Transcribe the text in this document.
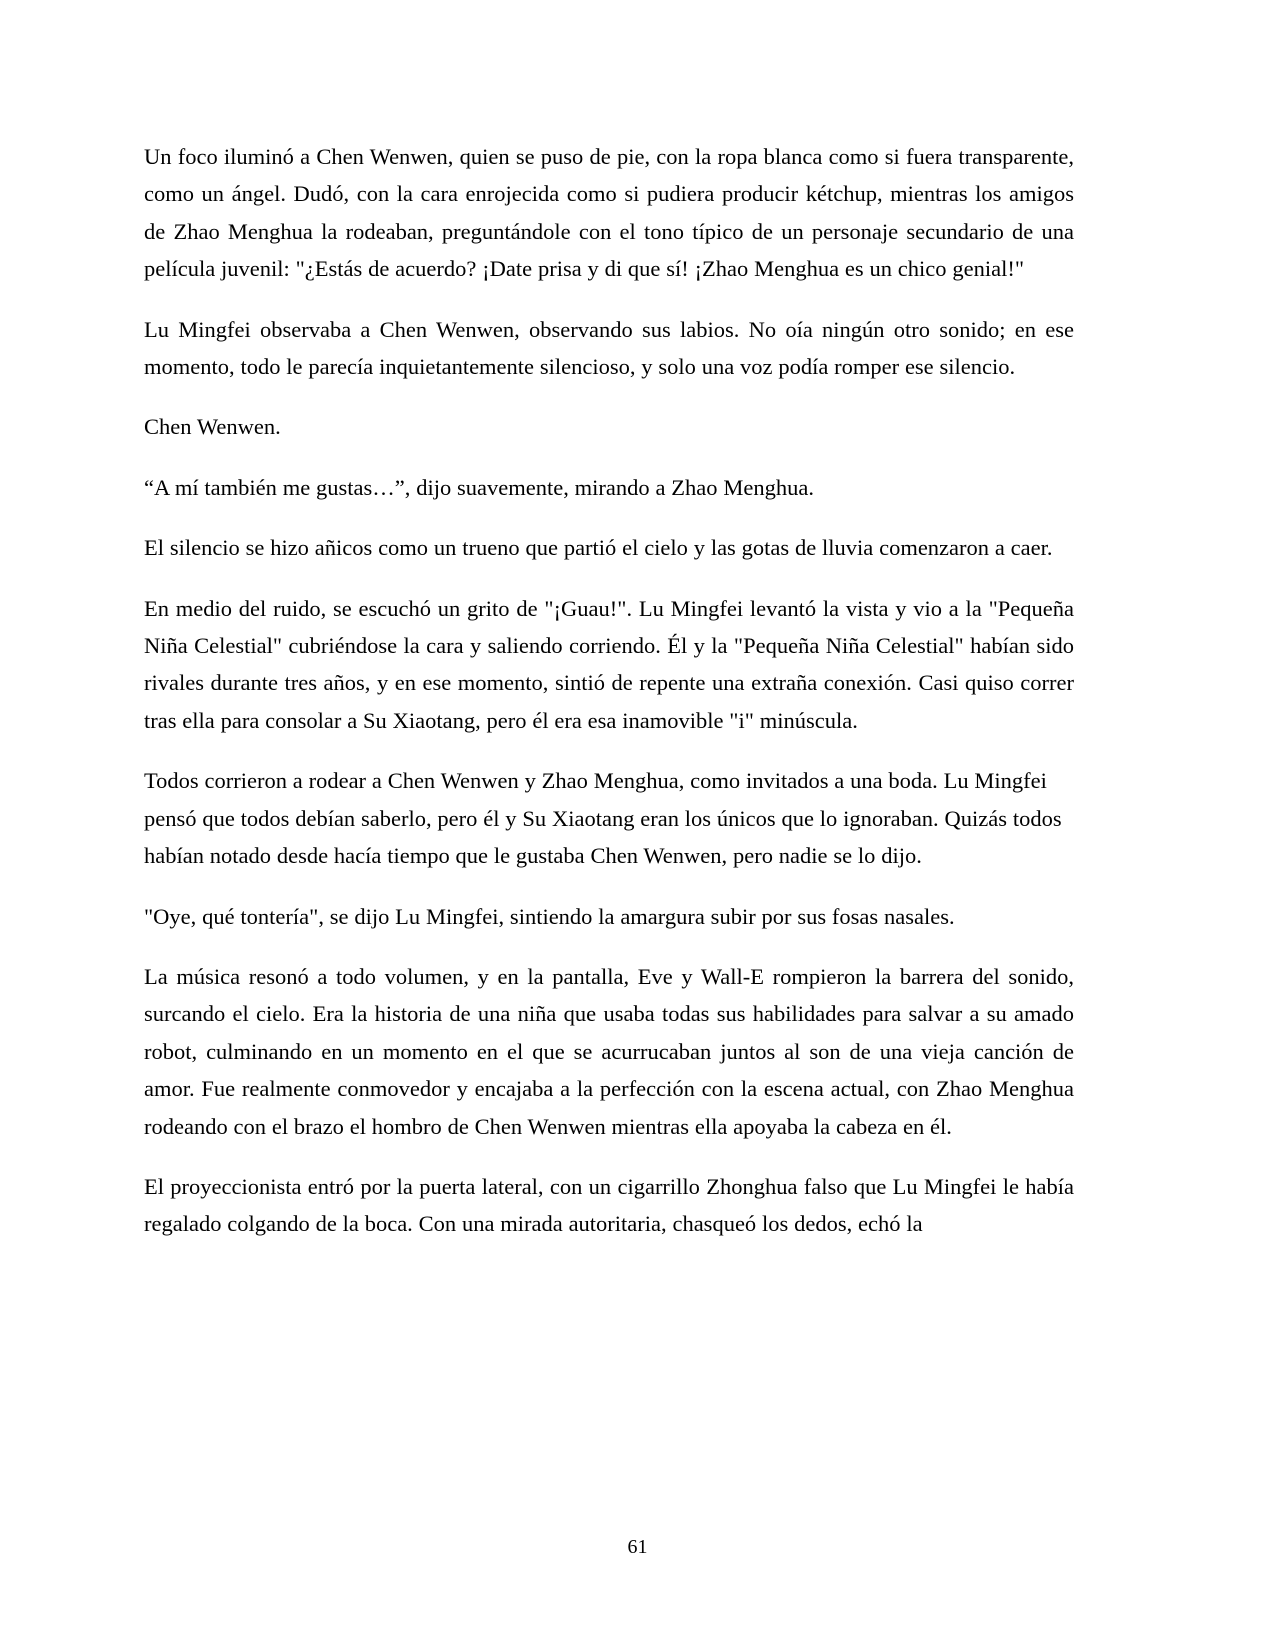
Un foco iluminó a Chen Wenwen, quien se puso de pie, con la ropa blanca como si fuera transparente, como un ángel. Dudó, con la cara enrojecida como si pudiera producir kétchup, mientras los amigos de Zhao Menghua la rodeaban, preguntándole con el tono típico de un personaje secundario de una película juvenil: "¿Estás de acuerdo? ¡Date prisa y di que sí! ¡Zhao Menghua es un chico genial!"

Lu Mingfei observaba a Chen Wenwen, observando sus labios. No oía ningún otro sonido; en ese momento, todo le parecía inquietantemente silencioso, y solo una voz podía romper ese silencio.

Chen Wenwen.

“A mí también me gustas…”, dijo suavemente, mirando a Zhao Menghua.

El silencio se hizo añicos como un trueno que partió el cielo y las gotas de lluvia comenzaron a caer.

En medio del ruido, se escuchó un grito de "¡Guau!". Lu Mingfei levantó la vista y vio a la "Pequeña Niña Celestial" cubriéndose la cara y saliendo corriendo. Él y la "Pequeña Niña Celestial" habían sido rivales durante tres años, y en ese momento, sintió de repente una extraña conexión. Casi quiso correr tras ella para consolar a Su Xiaotang, pero él era esa inamovible "i" minúscula.

Todos corrieron a rodear a Chen Wenwen y Zhao Menghua, como invitados a una boda. Lu Mingfei pensó que todos debían saberlo, pero él y Su Xiaotang eran los únicos que lo ignoraban. Quizás todos habían notado desde hacía tiempo que le gustaba Chen Wenwen, pero nadie se lo dijo.

"Oye, qué tontería", se dijo Lu Mingfei, sintiendo la amargura subir por sus fosas nasales.

La música resonó a todo volumen, y en la pantalla, Eve y Wall-E rompieron la barrera del sonido, surcando el cielo. Era la historia de una niña que usaba todas sus habilidades para salvar a su amado robot, culminando en un momento en el que se acurrucaban juntos al son de una vieja canción de amor. Fue realmente conmovedor y encajaba a la perfección con la escena actual, con Zhao Menghua rodeando con el brazo el hombro de Chen Wenwen mientras ella apoyaba la cabeza en él.

El proyeccionista entró por la puerta lateral, con un cigarrillo Zhonghua falso que Lu Mingfei le había regalado colgando de la boca. Con una mirada autoritaria, chasqueó los dedos, echó la

61
